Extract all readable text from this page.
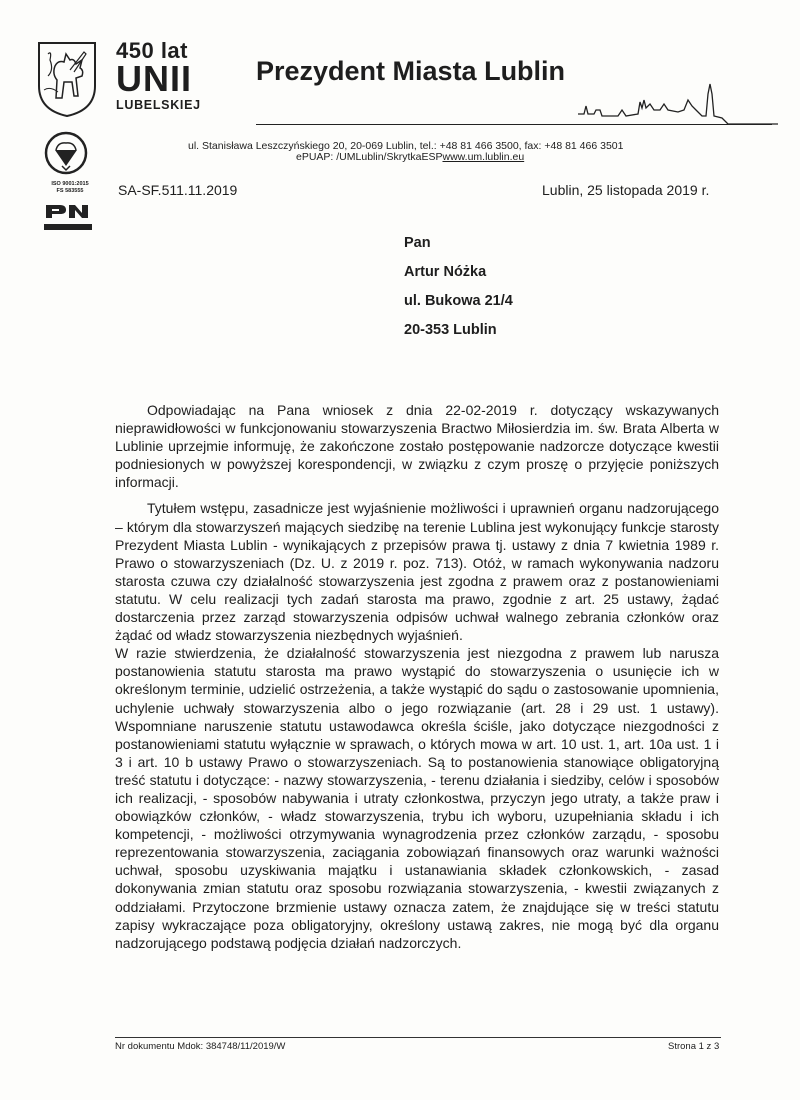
450 lat
UNII
LUBELSKIEJ
Prezydent Miasta Lublin
ISO 9001:2015
FS 583555
ul. Stanisława Leszczyńskiego 20, 20-069 Lublin, tel.: +48 81 466 3500, fax: +48 81 466 3501
ePUAP: /UMLublin/SkrytkaESPwww.um.lublin.eu
SA-SF.511.11.2019	Lublin, 25 listopada 2019 r.
Pan
Artur Nóżka
ul. Bukowa 21/4
20-353 Lublin

Odpowiadając na Pana wniosek z dnia 22-02-2019 r. dotyczący wskazywanych nieprawidłowości w funkcjonowaniu stowarzyszenia Bractwo Miłosierdzia im. św. Brata Alberta w Lublinie uprzejmie informuję, że zakończone zostało postępowanie nadzorcze dotyczące kwestii podniesionych w powyższej korespondencji, w związku z czym proszę o przyjęcie poniższych informacji.

Tytułem wstępu, zasadnicze jest wyjaśnienie możliwości i uprawnień organu nadzorującego – którym dla stowarzyszeń mających siedzibę na terenie Lublina jest wykonujący funkcje starosty Prezydent Miasta Lublin - wynikających z przepisów prawa tj. ustawy z dnia 7 kwietnia 1989 r. Prawo o stowarzyszeniach (Dz. U. z 2019 r. poz. 713). Otóż, w ramach wykonywania nadzoru starosta czuwa czy działalność stowarzyszenia jest zgodna z prawem oraz z postanowieniami statutu. W celu realizacji tych zadań starosta ma prawo, zgodnie z art. 25 ustawy, żądać dostarczenia przez zarząd stowarzyszenia odpisów uchwał walnego zebrania członków oraz żądać od władz stowarzyszenia niezbędnych wyjaśnień.

W razie stwierdzenia, że działalność stowarzyszenia jest niezgodna z prawem lub narusza postanowienia statutu starosta ma prawo wystąpić do stowarzyszenia o usunięcie ich w określonym terminie, udzielić ostrzeżenia, a także wystąpić do sądu o zastosowanie upomnienia, uchylenie uchwały stowarzyszenia albo o jego rozwiązanie (art. 28 i 29 ust. 1 ustawy). Wspomniane naruszenie statutu ustawodawca określa ściśle, jako dotyczące niezgodności z postanowieniami statutu wyłącznie w sprawach, o których mowa w art. 10 ust. 1, art. 10a ust. 1 i 3 i art. 10 b ustawy Prawo o stowarzyszeniach. Są to postanowienia stanowiące obligatoryjną treść statutu i dotyczące: - nazwy stowarzyszenia, - terenu działania i siedziby, celów i sposobów ich realizacji, - sposobów nabywania i utraty członkostwa, przyczyn jego utraty, a także praw i obowiązków członków, - władz stowarzyszenia, trybu ich wyboru, uzupełniania składu i ich kompetencji, - możliwości otrzymywania wynagrodzenia przez członków zarządu, - sposobu reprezentowania stowarzyszenia, zaciągania zobowiązań finansowych oraz warunki ważności uchwał, sposobu uzyskiwania majątku i ustanawiania składek członkowskich, - zasad dokonywania zmian statutu oraz sposobu rozwiązania stowarzyszenia, - kwestii związanych z oddziałami. Przytoczone brzmienie ustawy oznacza zatem, że znajdujące się w treści statutu zapisy wykraczające poza obligatoryjny, określony ustawą zakres, nie mogą być dla organu nadzorującego podstawą podjęcia działań nadzorczych.

Nr dokumentu Mdok: 384748/11/2019/W	Strona 1 z 3
